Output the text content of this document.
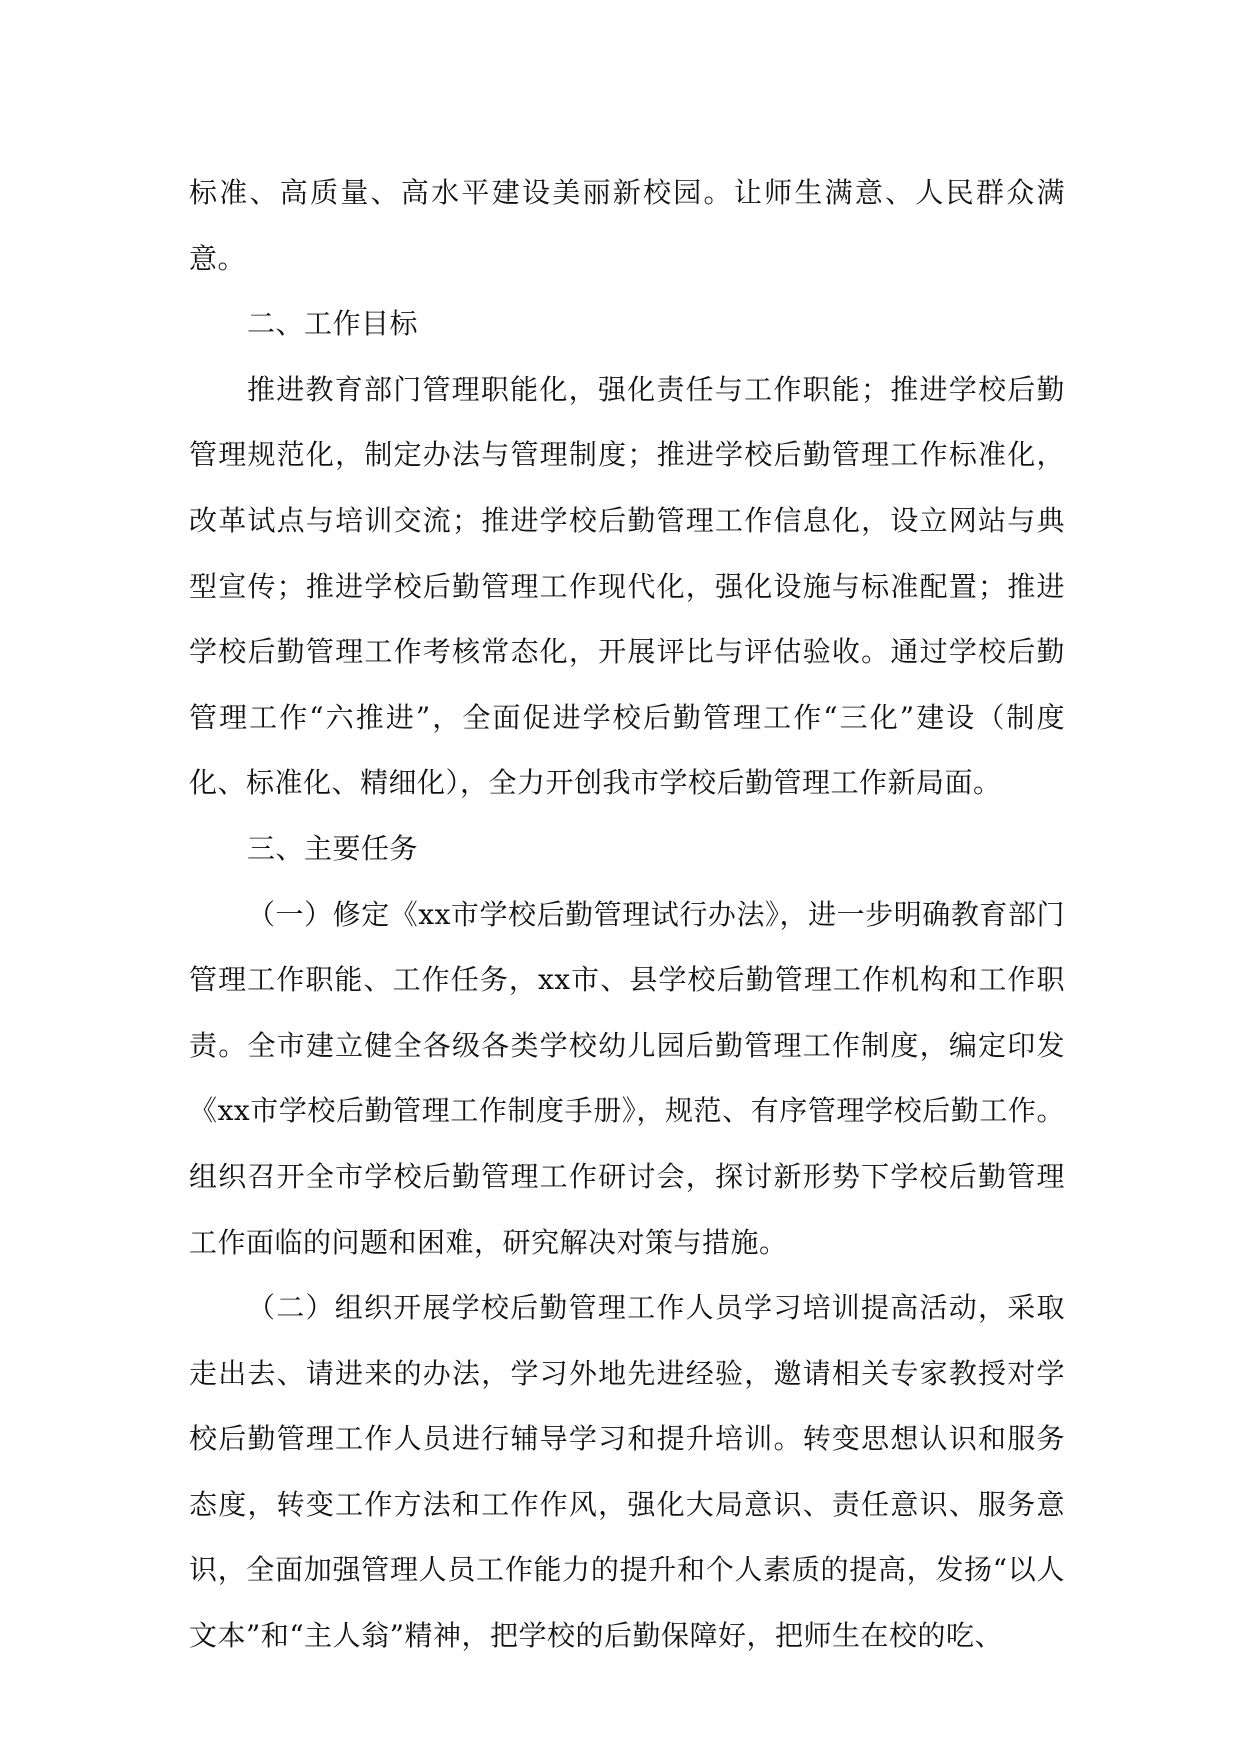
标准、高质量、高水平建设美丽新校园。让师生满意、人民群众满意。

二、工作目标

推进教育部门管理职能化，强化责任与工作职能；推进学校后勤管理规范化，制定办法与管理制度；推进学校后勤管理工作标准化，改革试点与培训交流；推进学校后勤管理工作信息化，设立网站与典型宣传；推进学校后勤管理工作现代化，强化设施与标准配置；推进学校后勤管理工作考核常态化，开展评比与评估验收。通过学校后勤管理工作“六推进”，全面促进学校后勤管理工作“三化”建设（制度化、标准化、精细化），全力开创我市学校后勤管理工作新局面。

三、主要任务

（一）修定《xx市学校后勤管理试行办法》，进一步明确教育部门管理工作职能、工作任务，xx市、县学校后勤管理工作机构和工作职责。全市建立健全各级各类学校幼儿园后勤管理工作制度，编定印发《xx市学校后勤管理工作制度手册》，规范、有序管理学校后勤工作。组织召开全市学校后勤管理工作研讨会，探讨新形势下学校后勤管理工作面临的问题和困难，研究解决对策与措施。

（二）组织开展学校后勤管理工作人员学习培训提高活动，采取走出去、请进来的办法，学习外地先进经验，邀请相关专家教授对学校后勤管理工作人员进行辅导学习和提升培训。转变思想认识和服务态度，转变工作方法和工作作风，强化大局意识、责任意识、服务意识，全面加强管理人员工作能力的提升和个人素质的提高，发扬“以人文本”和“主人翁”精神，把学校的后勤保障好，把师生在校的吃、
